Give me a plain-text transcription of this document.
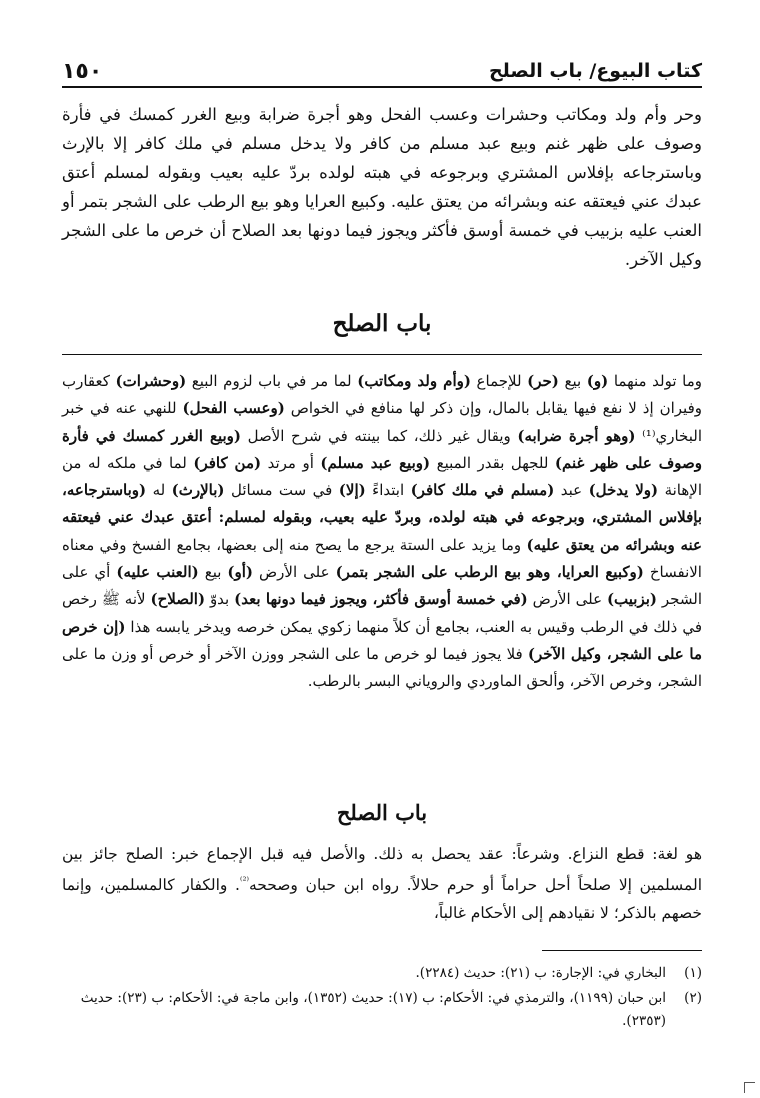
١٥٠	كتاب البيوع/ باب الصلح

وحر وأم ولد ومكاتب وحشرات وعسب الفحل وهو أجرة ضرابة وبيع الغرر كمسك في فأرة وصوف على ظهر غنم وبيع عبد مسلم من كافر ولا يدخل مسلم في ملك كافر إلا بالإرث وباسترجاعه بإفلاس المشتري وبرجوعه في هبته لولده بردّ عليه بعيب وبقوله لمسلم أعتق عبدك عني فيعتقه عنه وبشرائه من يعتق عليه. وكبيع العرايا وهو بيع الرطب على الشجر بتمر أو العنب عليه بزبيب في خمسة أوسق فأكثر ويجوز فيما دونها بعد الصلاح أن خرص ما على الشجر وكيل الآخر.

باب الصلح

وما تولد منهما (و) بيع (حر) للإجماع (وأم ولد ومكاتب) لما مر في باب لزوم البيع (وحشرات) كعقارب وفيران إذ لا نفع فيها يقابل بالمال، وإن ذكر لها منافع في الخواص (وعسب الفحل) للنهي عنه في خبر البخاري⁽¹⁾ (وهو أجرة ضرابه) ويقال غير ذلك، كما بينته في شرح الأصل (وبيع الغرر كمسك في فأرة وصوف على ظهر غنم) للجهل بقدر المبيع (وبيع عبد مسلم) أو مرتد (من كافر) لما في ملكه له من الإهانة (ولا يدخل) عبد (مسلم في ملك كافر) ابتداءً (إلا) في ست مسائل (بالإرث) له (وباسترجاعه، بإفلاس المشتري، وبرجوعه في هبته لولده، وبردّ عليه بعيب، وبقوله لمسلم: أعتق عبدك عني فيعتقه عنه وبشرائه من يعتق عليه) وما يزيد على الستة يرجع ما يصح منه إلى بعضها، بجامع الفسخ وفي معناه الانفساخ (وكبيع العرايا، وهو بيع الرطب على الشجر بتمر) على الأرض (أو) بيع (العنب عليه) أي على الشجر (بزبيب) على الأرض (في خمسة أوسق فأكثر، ويجوز فيما دونها بعد) بدوّ (الصلاح) لأنه ﷺ رخص في ذلك في الرطب وقيس به العنب، بجامع أن كلاً منهما زكوي يمكن خرصه ويدخر يابسه هذا (إن خرص ما على الشجر، وكيل الآخر) فلا يجوز فيما لو خرص ما على الشجر ووزن الآخر أو خرص أو وزن ما على الشجر، وخرص الآخر، وألحق الماوردي والروياني البسر بالرطب.

باب الصلح

هو لغة: قطع النزاع. وشرعاً: عقد يحصل به ذلك. والأصل فيه قبل الإجماع خبر: الصلح جائز بين المسلمين إلا صلحاً أحل حراماً أو حرم حلالاً. رواه ابن حبان وصححه$^{^{(2)}}$. والكفار كالمسلمين، وإنما خصهم بالذكر؛ لا نقيادهم إلى الأحكام غالباً،

(١)
البخاري في: الإجارة: ب (٢١): حديث (٢٢٨٤).
(٢)
ابن حبان (١١٩٩)، والترمذي في: الأحكام: ب (١٧): حديث (١٣٥٢)، وابن ماجة في: الأحكام: ب (٢٣): حديث (٢٣٥٣).
